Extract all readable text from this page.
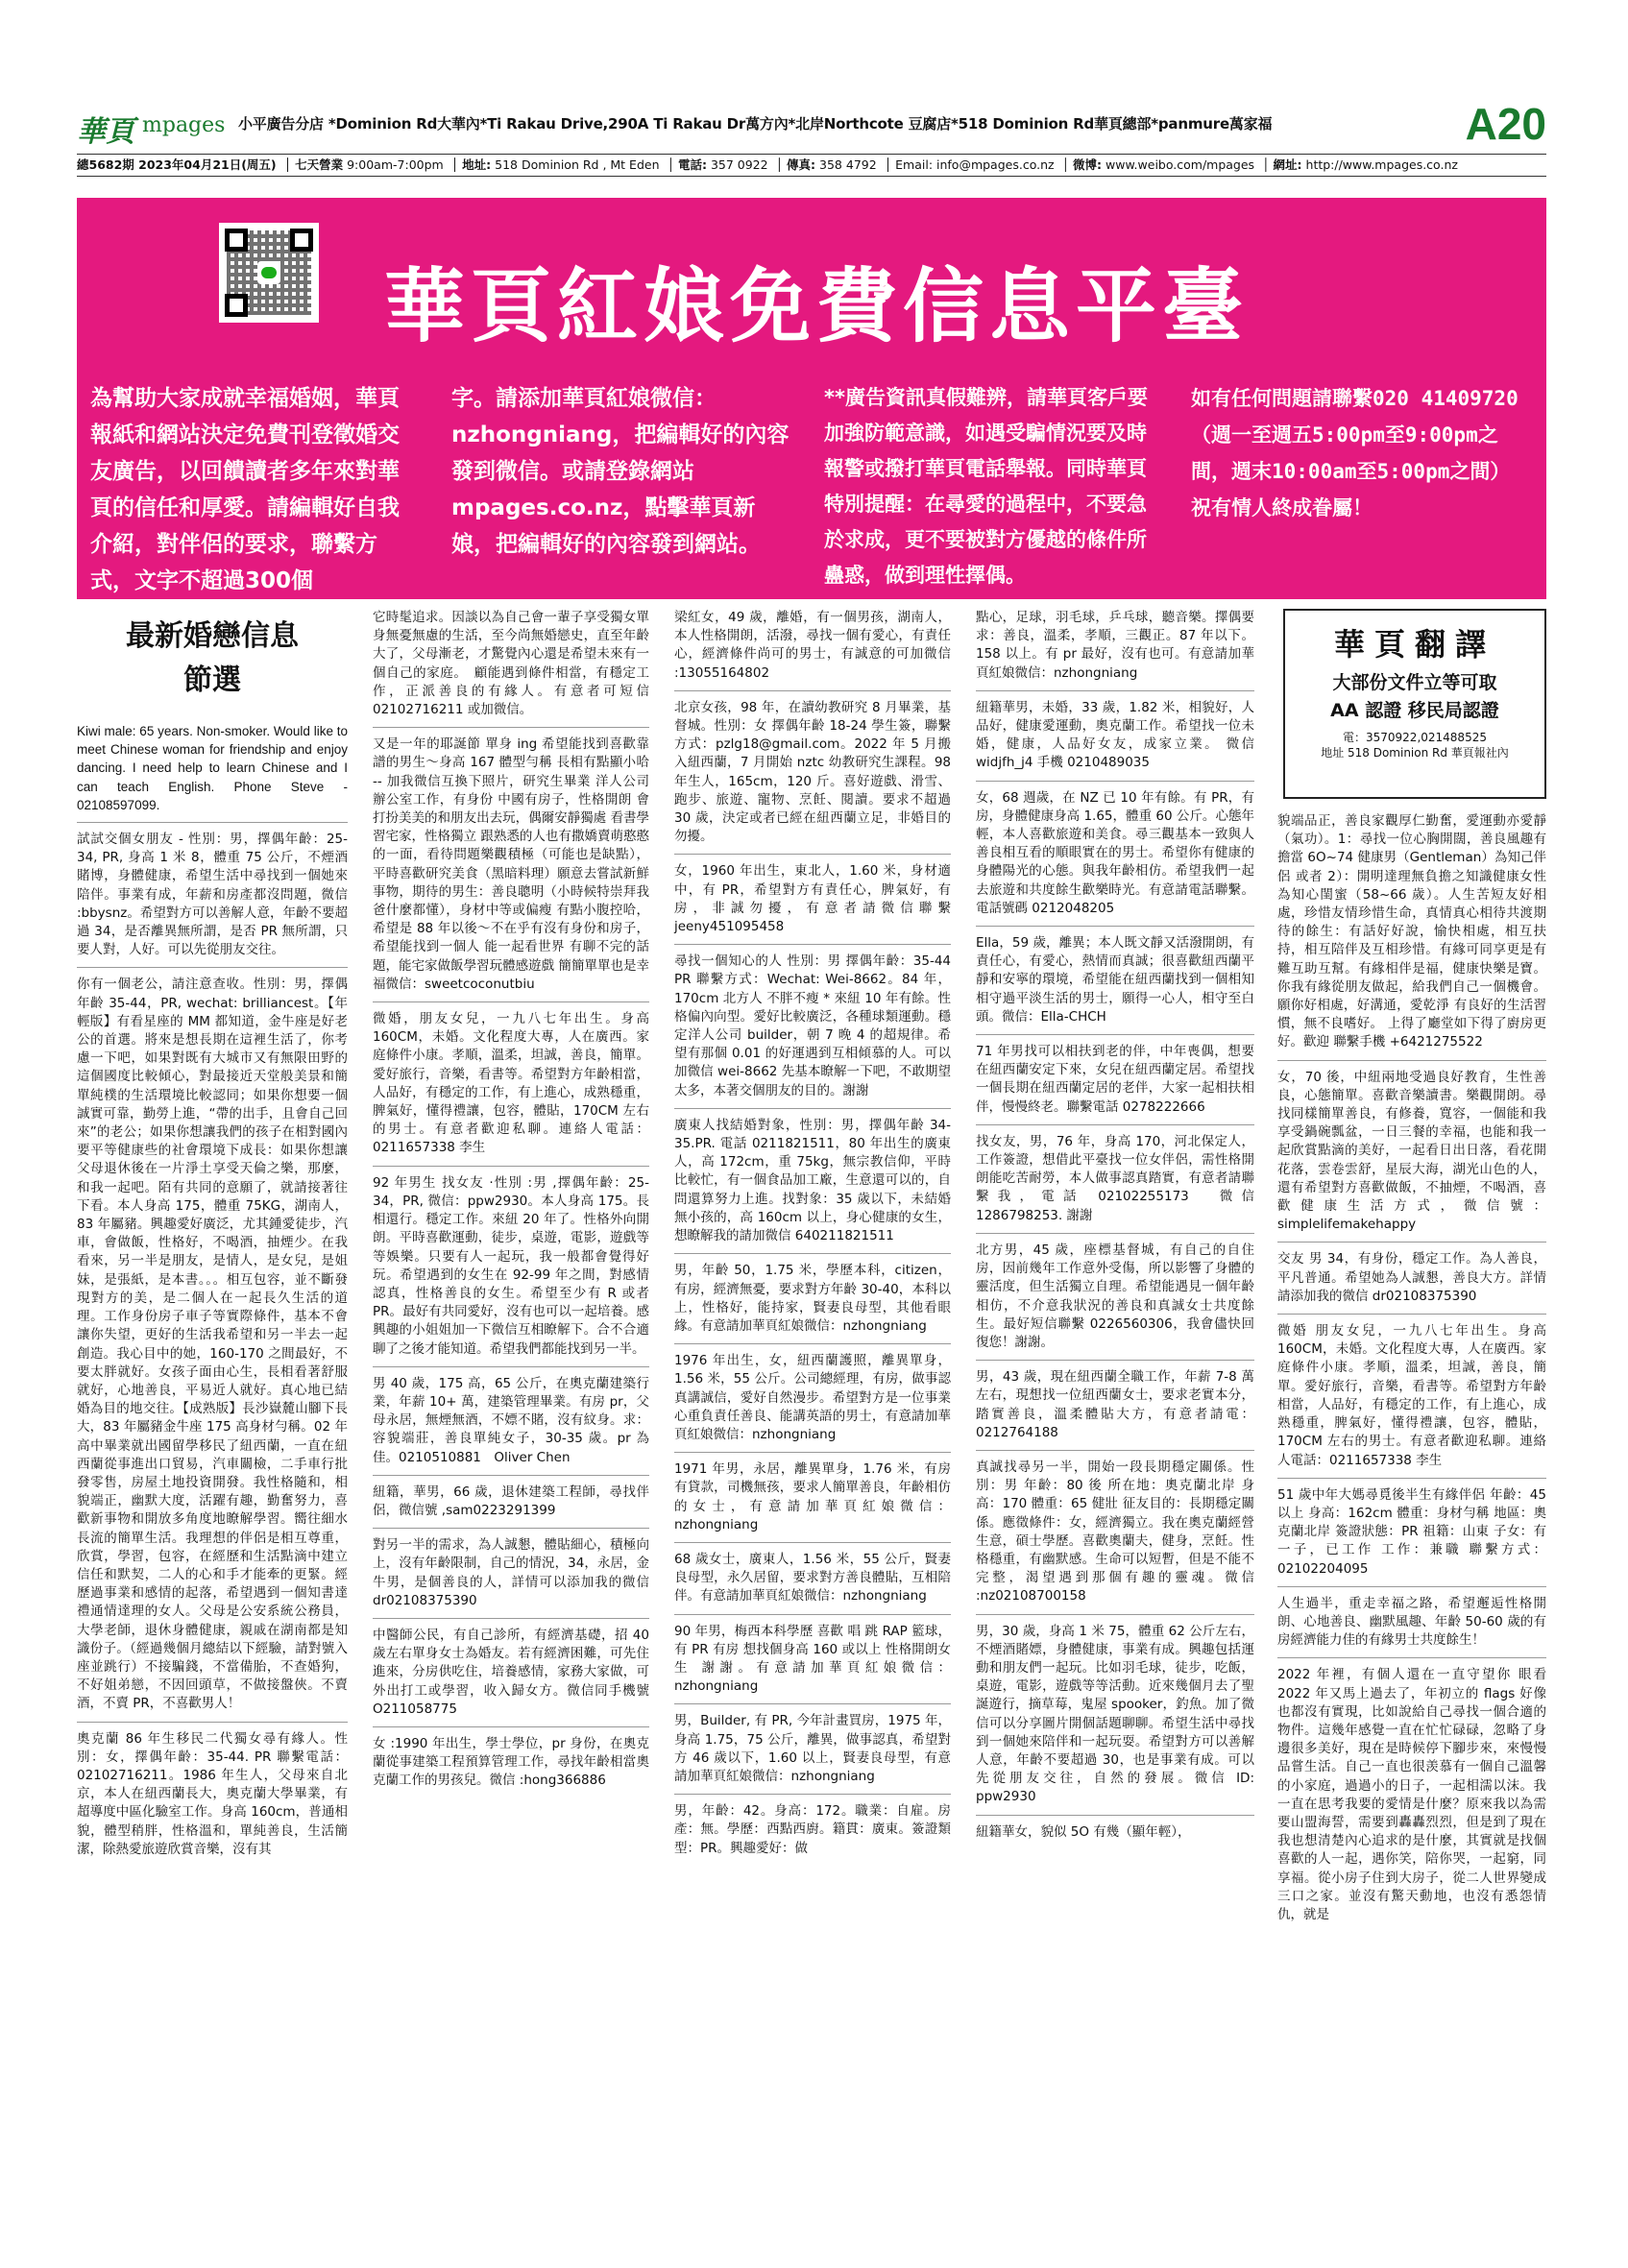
華頁 mpages 小平廣告分店 *Dominion Rd大華內*Ti Rakau Drive,290A Ti Rakau Dr萬方內*北岸Northcote 豆腐店*518 Dominion Rd華頁總部*panmure萬家福	A20
總5682期 2023年04月21日(周五)  │ 七天營業 9:00am-7:00pm  │ 地址: 518 Dominion Rd , Mt Eden  │ 電話: 357 0922  │ 傳真: 358 4792  │ Email: info@mpages.co.nz  │ 微博: www.weibo.com/mpages  │ 網址: http://www.mpages.co.nz
華頁紅娘免費信息平臺
為幫助大家成就幸福婚姻，華頁報紙和網站決定免費刊登徵婚交友廣告，以回饋讀者多年來對華頁的信任和厚愛。請編輯好自我介紹，對伴侶的要求，聯繫方式，文字不超過300個
字。請添加華頁紅娘微信：nzhongniang，把編輯好的內容發到微信。或請登錄網站mpages.co.nz，點擊華頁新娘，把編輯好的內容發到網站。
**廣告資訊真假難辨，請華頁客戶要加強防範意識，如遇受騙情況要及時報警或撥打華頁電話舉報。同時華頁特別提醒：在尋愛的過程中，不要急於求成，更不要被對方優越的條件所蠱惑，做到理性擇偶。
如有任何問題請聯繫020 41409720（週一至週五5:00pm至9:00pm之間，週末10:00am至5:00pm之間）祝有情人終成眷屬！
最新婚戀信息
節選

Kiwi male: 65 years. Non-smoker. Would like to meet Chinese woman for friendship and enjoy dancing. I need help to learn Chinese and I can teach English. Phone Steve - 02108597099.

試試交個女朋友 - 性別：男，擇偶年齡：25-34, PR, 身高 1 米 8，體重 75 公斤，不煙酒賭博，身體健康，希望生活中尋找到一個她來陪伴。事業有成，年薪和房產都沒問題，微信 :bbysnz。希望對方可以善解人意，年齡不要超過 34，是否離異無所謂，是否 PR 無所謂，只要人對，人好。可以先從朋友交往。

你有一個老公，請注意查收。性別：男，擇偶年齡 35-44，PR, wechat: brilliancest。【年輕版】有看星座的 MM 都知道，金牛座是好老公的首選。將來是想長期在這裡生活了，你考慮一下吧，如果對既有大城市又有無限田野的這個國度比較傾心，對最接近天堂般美景和簡單純樸的生活環境比較認同；如果你想要一個誠實可靠，勤勞上進，“帶的出手，且會自己回來”的老公；如果你想讓我們的孩子在相對國內要平等健康些的社會環境下成長：如果你想讓父母退休後在一片淨土享受天倫之樂，那麼，和我一起吧。陌有共同的意願了，就請接著往下看。本人身高 175，體重 75KG，湖南人，83 年屬豬。興趣愛好廣泛，尤其鍾愛徒步，汽車，會做飯，性格好，不喝酒，抽煙少。在我看來，另一半是朋友，是情人，是女兒，是姐妹，是張紙，是本書。。。相互包容，並不斷發現對方的美，是二個人在一起長久生活的道理。工作身份房子車子等實際條件，基本不會讓你失望，更好的生活我希望和另一半去一起創造。我心目中的她，160-170 之間最好，不要太胖就好。女孩子面由心生，長相看著舒服就好，心地善良，平易近人就好。真心地已結婚為目的地交往。【成熟版】長沙嶽麓山腳下長大，83 年屬豬金牛座 175 高身材勻稱。02 年高中畢業就出國留學移民了紐西蘭，一直在紐西蘭從事進出口貿易，汽車關檢，二手車行批發零售，房屋土地投資開發。我性格隨和，相貌端正，幽默大度，活躍有趣，勤奮努力，喜歡新事物和開放多角度地瞭解學習。嚮往細水長流的簡單生活。我理想的伴侶是相互尊重，欣賞，學習，包容，在經歷和生活點滴中建立信任和默契，二人的心和手才能牽的更緊。經歷過事業和感情的起落，希望遇到一個知書達禮通情達理的女人。父母是公安系統公務員，大學老師，退休身體健康，親戚在湖南都是知識份子。（經過幾個月總結以下經驗，請對號入座並跳行）不接騙錢，不當備胎，不查婚狗，不好姐弟戀，不因回頭草，不做接盤俠。不賣酒，不賣 PR，不喜歡男人！

奧克蘭 86 年生移民二代獨女尋有緣人。性別：女，擇偶年齡：35-44. PR 聯繫電話：02102716211。1986 年生人，父母來自北京，本人在紐西蘭長大，奧克蘭大學畢業，有超導度中區化驗室工作。身高 160cm，普通相貌，體型稍胖，性格溫和，單純善良，生活簡潔，除熱愛旅遊欣賞音樂，沒有其

它時髦追求。因談以為自己會一輩子享受獨女單身無憂無慮的生活，至今尚無婚戀史，直至年齡大了，父母漸老，才驚覺內心還是希望未來有一個自己的家庭。　顧能遇到條件相當，有穩定工作，正派善良的有緣人。有意者可短信 02102716211 或加微信。

又是一年的耶誕節 單身 ing 希望能找到喜歡靠譜的男生～身高 167 體型勻稱 長相有點顯小哈 -- 加我微信互換下照片，研究生畢業 洋人公司辦公室工作，有身份 中國有房子，性格開朗 會打扮美美的和朋友出去玩，偶爾安靜獨處 看書學習宅家，性格獨立 跟熟悉的人也有撒嬌賣萌憨憨的一面，看待問題樂觀積極（可能也是缺點），平時喜歡研究美食（黑暗料理）願意去嘗試新鮮事物，期待的男生：善良聰明（小時候特崇拜我爸什麼都懂），身材中等或偏瘦 有點小腹控哈，希望是 88 年以後～不在乎有沒有身份和房子，希望能找到一個人 能一起看世界 有聊不完的話題，能宅家做飯學習玩體感遊戲 簡簡單單也是幸福微信：sweetcoconutbiu

微婚，朋友女兒，一九八七年出生。身高 160CM，未婚。文化程度大專，人在廣西。家庭條件小康。孝順，溫柔，坦誠，善良，簡單。愛好旅行，音樂，看書等。希望對方年齡相當，人品好，有穩定的工作，有上進心，成熟穩重，脾氣好，懂得禮讓，包容，體貼，170CM 左右的男士。有意者歡迎私聊。連絡人電話：0211657338 李生

92 年男生 找女友 ·性別 :男 ,擇偶年齡：25-34，PR, 微信：ppw2930。本人身高 175。長相還行。穩定工作。來紐 20 年了。性格外向開朗。平時喜歡運動，徒步，桌遊，電影，遊戲等等娛樂。只要有人一起玩，我一般都會覺得好玩。希望遇到的女生在 92-99 年之間，對感情認真，性格善良的女生。希望至少有 R 或者 PR。最好有共同愛好，沒有也可以一起培養。感興趣的小姐姐加一下微信互相瞭解下。合不合適聊了之後才能知道。希望我們都能找到另一半。

男 40 歲，175 高，65 公斤，在奧克蘭建築行業，年薪 10+ 萬，建築管理畢業。有房 pr，父母永居，無煙無酒，不嫖不賭，沒有紋身。求：容貌端莊，善良單純女子，30-35 歲。pr 為佳。0210510881　Oliver Chen

紐籍，華男，66 歲，退休建築工程師，尋找伴侶，微信號 ,sam0223291399

對另一半的需求，為人誠懇，體貼細心，積極向上，沒有年齡限制，自己的情況，34，永居，金牛男，是個善良的人，詳情可以添加我的微信 dr02108375390

中醫師公民，有自己診所，有經濟基礎，招 40 歲左右單身女士為婚友。若有經濟困難，可先住進來，分房供吃住，培養感情，家務大家做，可外出打工或學習，收入歸女方。微信同手機號　O211058775

女 :1990 年出生，學士學位，pr 身份，在奧克蘭從事建築工程預算管理工作，尋找年齡相當奧克蘭工作的男孩兒。微信 :hong366886

梁紅女，49 歲，離婚，有一個男孩，湖南人，本人性格開朗，活潑，尋找一個有愛心，有責任心，經濟條件尚可的男士，有誠意的可加微信 :13055164802

北京女孩，98 年，在讀幼教研究 8 月畢業，基督城。性別：女 擇偶年齡 18-24 學生簽，聯繫方式：pzlg18@gmail.com。2022 年 5 月搬入紐西蘭，7 月開始 nztc 幼教研究生課程。98 年生人，165cm，120 斤。喜好遊戲、滑雪、跑步、旅遊、寵物、烹飪、閱讀。要求不超過 30 歲，決定或者已經在紐西蘭立足，非婚目的勿擾。

女，1960 年出生，東北人，1.60 米，身材適中，有 PR，希望對方有責任心，脾氣好，有房，非誠勿擾，有意者請微信聯繫 jeeny451095458

尋找一個知心的人 性別：男 擇偶年齡：35-44 PR 聯繫方式：Wechat: Wei-8662。84 年，170cm 北方人 不胖不瘦 * 來紐 10 年有餘。性格偏內向型。愛好比較廣泛，各種球類運動。穩定洋人公司 builder，朝 7 晚 4 的超規律。希望有那個 0.01 的好運遇到互相傾慕的人。可以加微信 wei-8662 先基本瞭解一下吧，不敢期望太多，本著交個朋友的目的。謝謝

廣東人找結婚對象，性別：男，擇偶年齡 34-35.PR. 電話 0211821511，80 年出生的廣東人，高 172cm，重 75kg，無宗教信仰，平時比較忙，有一個食品加工廠，生意還可以的，自問還算努力上進。找對象：35 歲以下，未結婚無小孩的，高 160cm 以上，身心健康的女生，想瞭解我的請加微信 640211821511

男，年齡 50，1.75 米，學歷本科，citizen，有房，經濟無憂，要求對方年齡 30-40，本科以上，性格好，能持家，賢妻良母型，其他看眼緣。有意請加華頁紅娘微信：nzhongniang

1976 年出生，女，紐西蘭護照，離異單身，1.56 米，55 公斤。公司總經理，有房，做事認真講誠信，愛好自然漫步。希望對方是一位事業心重負責任善良、能講英語的男士，有意請加華頁紅娘微信：nzhongniang

1971 年男，永居，離異單身，1.76 米，有房有貸款，司機無孩，要求人簡單善良，年齡相仿的女士，有意請加華頁紅娘微信：nzhongniang

68 歲女士，廣東人，1.56 米，55 公斤，賢妻良母型，永久居留，要求對方善良體貼，互相陪伴。有意請加華頁紅娘微信：nzhongniang

90 年男，梅西本科學歷 喜歡 唱 跳 RAP 籃球，有 PR 有房 想找個身高 160 或以上 性格開朗女生 謝謝。有意請加華頁紅娘微信：nzhongniang

男，Builder, 有 PR, 今年計畫買房，1975 年，身高 1.75，75 公斤，離異，做事認真，希望對方 46 歲以下，1.60 以上，賢妻良母型，有意請加華頁紅娘微信：nzhongniang

男，年齡：42。身高：172。職業：自雇。房產：無。學歷：西點西廚。籍貫：廣東。簽證類型：PR。興趣愛好：做

點心，足球，羽毛球，乒乓球，聽音樂。擇偶要求：善良，溫柔，孝順，三觀正。87 年以下。158 以上。有 pr 最好，沒有也可。有意請加華頁紅娘微信：nzhongniang

紐籍華男，未婚，33 歲，1.82 米，相貌好，人品好，健康愛運動，奧克蘭工作。希望找一位未婚，健康，人品好女友，成家立業。 微信 widjfh_j4 手機 0210489035

女，68 週歲，在 NZ 已 10 年有餘。有 PR，有房，身體健康身高 1.65，體重 60 公斤。心態年輕，本人喜歡旅遊和美食。尋三觀基本一致與人善良相互看的順眼實在的男士。希望你有健康的身體陽光的心態。與我年齡相仿。希望我們一起去旅遊和共度餘生歡樂時光。有意請電話聯繫。電話號碼 0212048205

Ella，59 歲，離異；本人既文靜又活潑開朗，有責任心，有愛心，熱情而真誠；很喜歡紐西蘭平靜和安寧的環境，希望能在紐西蘭找到一個相知相守過平淡生活的男士，願得一心人，相守至白頭。微信：Ella-CHCH

71 年男找可以相扶到老的伴，中年喪偶，想要在紐西蘭安定下來，女兒在紐西蘭定居。希望找一個長期在紐西蘭定居的老伴，大家一起相扶相伴，慢慢終老。聯繫電話 0278222666

找女友，男，76 年，身高 170，河北保定人，工作簽證，想借此平臺找一位女伴侶，需性格開朗能吃苦耐勞，本人做事認真踏實，有意者請聯繫我，電話 02102255173　微信 1286798253. 謝謝

北方男，45 歲，座標基督城，有自己的自住房，因前幾年工作意外受傷，所以影響了身體的靈活度，但生活獨立自理。希望能遇見一個年齡相仿，不介意我狀況的善良和真誠女士共度餘生。最好短信聯繫 0226560306，我會儘快回復您！謝謝。

男，43 歲，現在紐西蘭全職工作，年薪 7-8 萬左右，現想找一位紐西蘭女士，要求老實本分，踏實善良，溫柔體貼大方，有意者請電：0212764188

真誠找尋另一半，開始一段長期穩定關係。性別：男 年齡：80 後 所在地：奧克蘭北岸 身高：170 體重：65 健壯 征友目的：長期穩定關係。應徵條件：女，經濟獨立。我在奧克蘭經營生意，碩士學歷。喜歡奧蘭夫，健身，烹飪。性格穩重，有幽默感。生命可以短暫，但是不能不完整，渴望遇到那個有趣的靈魂。微信 :nz02108700158

男，30 歲，身高 1 米 75，體重 62 公斤左右，不煙酒賭嫖，身體健康，事業有成。興趣包括運動和朋友們一起玩。比如羽毛球，徒步，吃飯，桌遊，電影，遊戲等等活動。近來幾個月去了聖誕遊行，摘草莓，鬼屋 spooker，釣魚。加了微信可以分享圖片開個話題聊聊。希望生活中尋找到一個她來陪伴和一起玩耍。希望對方可以善解人意，年齡不要超過 30，也是事業有成。可以先從朋友交往，自然的發展。微信 ID: ppw2930

紐籍華女，貌似 5O 有幾（顯年輕），

華頁翻譯
大部份文件立等可取
AA 認證 移民局認證
電：3570922,021488525
地址 518 Dominion Rd 華頁報社內

貌端品正，善良家觀厚仁勤奮，愛運動亦愛靜（氣功）。1：尋找一位心胸開闊，善良風趣有擔當 6O~74 健康男（Gentleman）為知己伴侶 或者 2）：開明達理無負擔之知識健康女性為知心閨蜜（58~66 歲）。人生苦短友好相處，珍惜友情珍惜生命，真情真心相待共渡期待的餘生：有話好好說，愉快相處，相互扶持，相互陪伴及互相珍惜。有緣可同享更是有難互助互幫。有緣相伴是福，健康快樂是寶。你我有緣從朋友做起，給我們自己一個機會。願你好相處，好溝通，愛乾淨 有良好的生活習慣，無不良嗜好。 上得了廳堂如下得了廚房更好。歡迎 聯繫手機 +6421275522

女，70 後，中紐兩地受過良好教育，生性善良，心態簡單。喜歡音樂讀書。樂觀開朗。尋找同樣簡單善良，有修養，寬容，一個能和我享受鍋碗瓢盆，一日三餐的幸福，也能和我一起欣賞點滴的美好，一起看日出日落，看花開花落，雲卷雲舒，星辰大海，湖光山色的人，還有希望對方喜歡做飯，不抽煙，不喝酒，喜歡健康生活方式，微信號：simplelifemakehappy

交友 男 34，有身份，穩定工作。為人善良，平凡普通。希望她為人誠懇，善良大方。詳情請添加我的微信 dr02108375390

微婚 朋友女兒，一九八七年出生。身高 160CM，未婚。文化程度大專，人在廣西。家庭條件小康。孝順，溫柔，坦誠，善良，簡單。愛好旅行，音樂，看書等。希望對方年齡相當，人品好，有穩定的工作，有上進心，成熟穩重，脾氣好，懂得禮讓，包容，體貼，170CM 左右的男士。有意者歡迎私聊。連絡人電話：0211657338 李生

51 歲中年大媽尋覓後半生有緣伴侶 年齡：45 以上 身高：162cm 體重：身材勻稱 地區：奧克蘭北岸 簽證狀態：PR 祖籍：山東 子女：有一子，已工作 工作：兼職 聯繫方式：02102204095

人生過半，重走幸福之路，希望邂逅性格開朗、心地善良、幽默風趣、年齡 50-60 歲的有房經濟能力佳的有緣男士共度餘生！

2022 年裡，有個人還在一直守望你 眼看 2022 年又馬上過去了，年初立的 flags 好像也都沒有實現，比如說給自己尋找一個合適的物件。這幾年感覺一直在忙忙碌碌，忽略了身邊很多美好，現在是時候停下腳步來，來慢慢品嘗生活。自己一直也很羡慕有一個自己溫馨的小家庭，過過小的日子，一起相濡以沫。我一直在思考我要的愛情是什麼？原來我以為需要山盟海誓，需要到轟轟烈烈，但是到了現在我也想清楚內心追求的是什麼，其實就是找個喜歡的人一起，遇你笑，陪你哭，一起窮，同享福。從小房子住到大房子，從二人世界變成三口之家。並沒有驚天動地，也沒有悉怨情仇，就是
